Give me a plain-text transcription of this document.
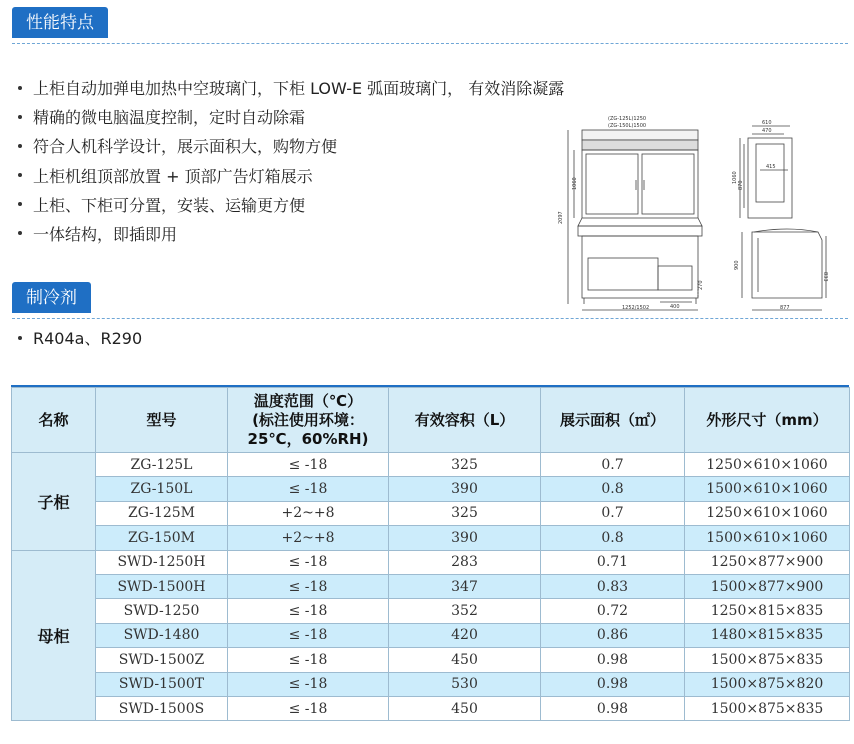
性能特点
上柜自动加弹电加热中空玻璃门，下柜 LOW-E 弧面玻璃门， 有效消除凝露
精确的微电脑温度控制，定时自动除霜
符合人机科学设计，展示面积大，购物方便
上柜机组顶部放置 + 顶部广告灯箱展示
上柜、下柜可分置，安装、运输更方便
一体结构，即插即用
制冷剂
R404a、R290
(ZG-125L)1250
(ZG-150L)1500
2097
1060
1252/1502	400
270
610
470
415
1060
870
900
833
877
名称	型号	温度范围（℃）
(标注使用环境：
25℃，60%RH)	有效容积（L）	展示面积（㎡）	外形尺寸（mm）
子柜	ZG-125L	≤ -18	325	0.7	1250×610×1060
	ZG-150L	≤ -18	390	0.8	1500×610×1060
	ZG-125M	+2~+8	325	0.7	1250×610×1060
	ZG-150M	+2~+8	390	0.8	1500×610×1060
母柜	SWD-1250H	≤ -18	283	0.71	1250×877×900
	SWD-1500H	≤ -18	347	0.83	1500×877×900
	SWD-1250	≤ -18	352	0.72	1250×815×835
	SWD-1480	≤ -18	420	0.86	1480×815×835
	SWD-1500Z	≤ -18	450	0.98	1500×875×835
	SWD-1500T	≤ -18	530	0.98	1500×875×820
	SWD-1500S	≤ -18	450	0.98	1500×875×835
